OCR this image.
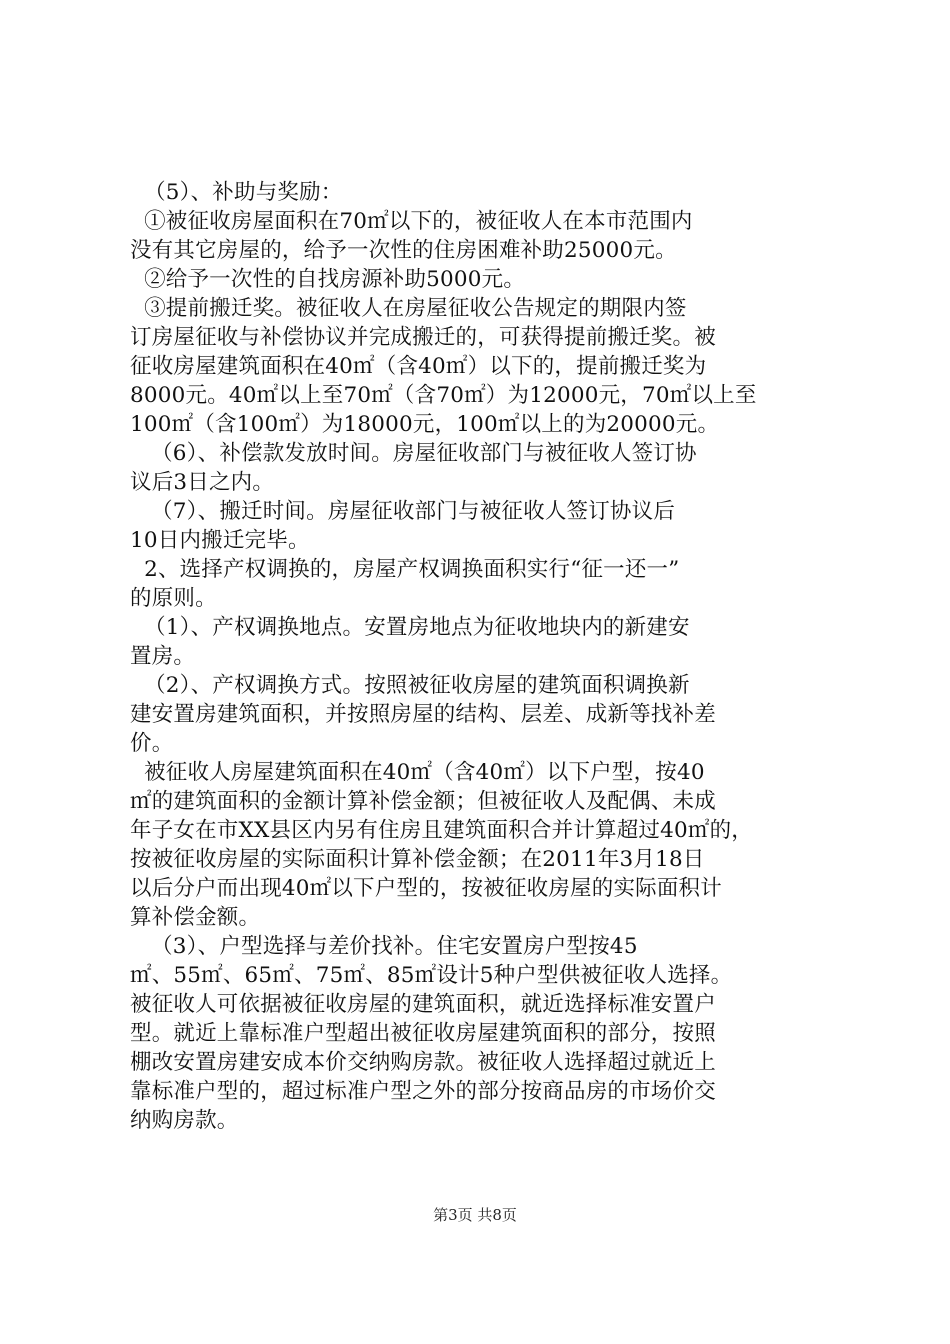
（5）、补助与奖励：
①被征收房屋面积在70㎡以下的，被征收人在本市范围内
没有其它房屋的，给予一次性的住房困难补助25000元。
②给予一次性的自找房源补助5000元。
③提前搬迁奖。被征收人在房屋征收公告规定的期限内签
订房屋征收与补偿协议并完成搬迁的，可获得提前搬迁奖。被
征收房屋建筑面积在40㎡（含40㎡）以下的，提前搬迁奖为
8000元。40㎡以上至70㎡（含70㎡）为12000元，70㎡以上至
100㎡（含100㎡）为18000元，100㎡以上的为20000元。
（6）、补偿款发放时间。房屋征收部门与被征收人签订协
议后3日之内。
（7）、搬迁时间。房屋征收部门与被征收人签订协议后
10日内搬迁完毕。
2、选择产权调换的，房屋产权调换面积实行“征一还一”
的原则。
（1）、产权调换地点。安置房地点为征收地块内的新建安
置房。
（2）、产权调换方式。按照被征收房屋的建筑面积调换新
建安置房建筑面积，并按照房屋的结构、层差、成新等找补差
价。
被征收人房屋建筑面积在40㎡（含40㎡）以下户型，按40
㎡的建筑面积的金额计算补偿金额；但被征收人及配偶、未成
年子女在市XX县区内另有住房且建筑面积合并计算超过40㎡的，
按被征收房屋的实际面积计算补偿金额；在2011年3月18日
以后分户而出现40㎡以下户型的，按被征收房屋的实际面积计
算补偿金额。
（3）、户型选择与差价找补。住宅安置房户型按45
㎡、55㎡、65㎡、75㎡、85㎡设计5种户型供被征收人选择。
被征收人可依据被征收房屋的建筑面积，就近选择标准安置户
型。就近上靠标准户型超出被征收房屋建筑面积的部分，按照
棚改安置房建安成本价交纳购房款。被征收人选择超过就近上
靠标准户型的，超过标准户型之外的部分按商品房的市场价交
纳购房款。
第3页 共8页
